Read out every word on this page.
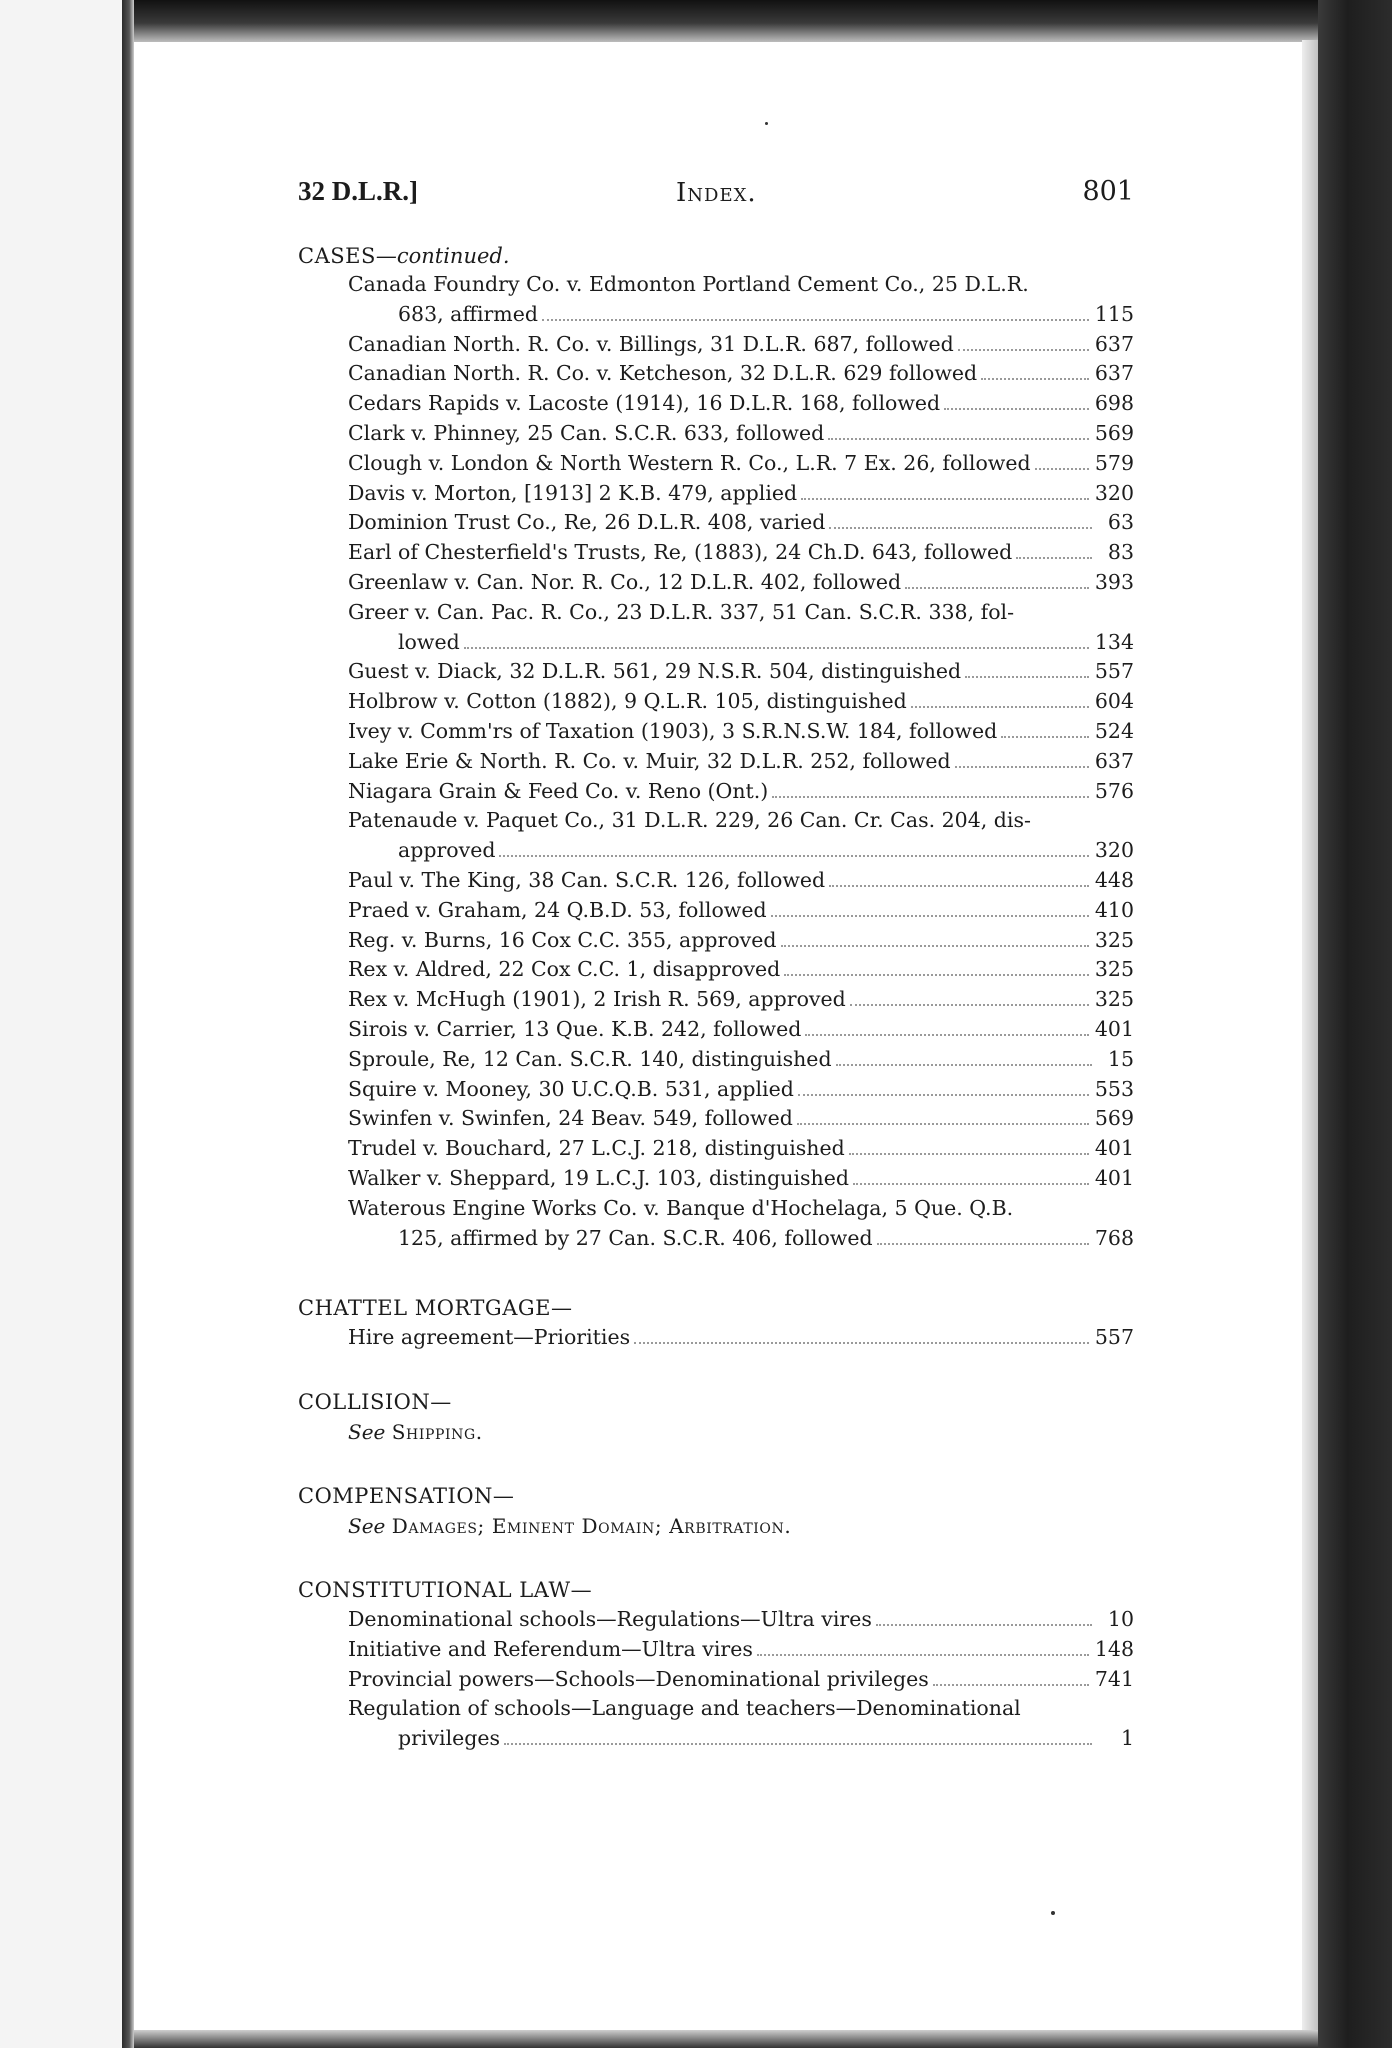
32 D.L.R.]	Index.	801
CASES—continued.
Canada Foundry Co. v. Edmonton Portland Cement Co., 25 D.L.R.
683, affirmed	115
Canadian North. R. Co. v. Billings, 31 D.L.R. 687, followed	637
Canadian North. R. Co. v. Ketcheson, 32 D.L.R. 629 followed	637
Cedars Rapids v. Lacoste (1914), 16 D.L.R. 168, followed	698
Clark v. Phinney, 25 Can. S.C.R. 633, followed	569
Clough v. London & North Western R. Co., L.R. 7 Ex. 26, followed	579
Davis v. Morton, [1913] 2 K.B. 479, applied	320
Dominion Trust Co., Re, 26 D.L.R. 408, varied	63
Earl of Chesterfield's Trusts, Re, (1883), 24 Ch.D. 643, followed	83
Greenlaw v. Can. Nor. R. Co., 12 D.L.R. 402, followed	393
Greer v. Can. Pac. R. Co., 23 D.L.R. 337, 51 Can. S.C.R. 338, fol-
lowed	134
Guest v. Diack, 32 D.L.R. 561, 29 N.S.R. 504, distinguished	557
Holbrow v. Cotton (1882), 9 Q.L.R. 105, distinguished	604
Ivey v. Comm'rs of Taxation (1903), 3 S.R.N.S.W. 184, followed	524
Lake Erie & North. R. Co. v. Muir, 32 D.L.R. 252, followed	637
Niagara Grain & Feed Co. v. Reno (Ont.)	576
Patenaude v. Paquet Co., 31 D.L.R. 229, 26 Can. Cr. Cas. 204, dis-
approved	320
Paul v. The King, 38 Can. S.C.R. 126, followed	448
Praed v. Graham, 24 Q.B.D. 53, followed	410
Reg. v. Burns, 16 Cox C.C. 355, approved	325
Rex v. Aldred, 22 Cox C.C. 1, disapproved	325
Rex v. McHugh (1901), 2 Irish R. 569, approved	325
Sirois v. Carrier, 13 Que. K.B. 242, followed	401
Sproule, Re, 12 Can. S.C.R. 140, distinguished	15
Squire v. Mooney, 30 U.C.Q.B. 531, applied	553
Swinfen v. Swinfen, 24 Beav. 549, followed	569
Trudel v. Bouchard, 27 L.C.J. 218, distinguished	401
Walker v. Sheppard, 19 L.C.J. 103, distinguished	401
Waterous Engine Works Co. v. Banque d'Hochelaga, 5 Que. Q.B.
125, affirmed by 27 Can. S.C.R. 406, followed	768
CHATTEL MORTGAGE—
Hire agreement—Priorities	557
COLLISION—
See Shipping.
COMPENSATION—
See Damages; Eminent Domain; Arbitration.
CONSTITUTIONAL LAW—
Denominational schools—Regulations—Ultra vires	10
Initiative and Referendum—Ultra vires	148
Provincial powers—Schools—Denominational privileges	741
Regulation of schools—Language and teachers—Denominational
privileges	1
